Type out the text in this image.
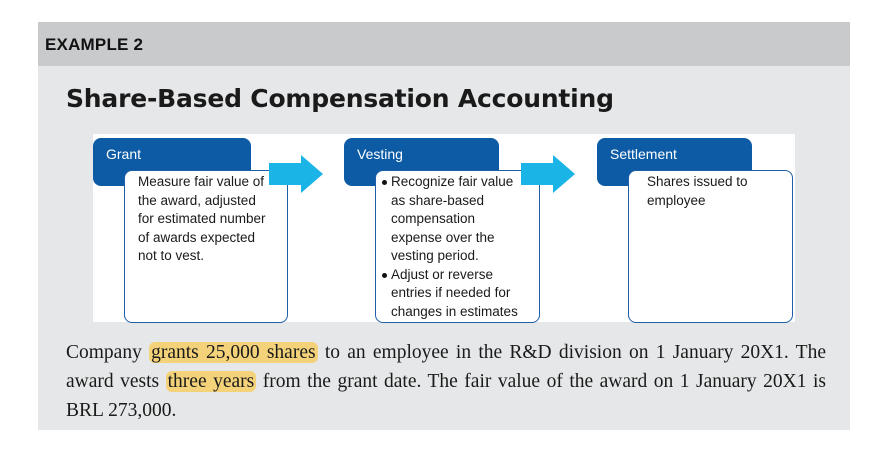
EXAMPLE 2
Share-Based Compensation Accounting
Grant
Measure fair value of
the award, adjusted
for estimated number
of awards expected
not to vest.
Vesting
Recognize fair value
as share-based
compensation
expense over the
vesting period.
Adjust or reverse
entries if needed for
changes in estimates
Settlement
Shares issued to
employee
Company grants 25,000 shares to an employee in the R&D division on 1 January 20X1. The award vests three years from the grant date. The fair value of the award on 1 January 20X1 is BRL 273,000.
